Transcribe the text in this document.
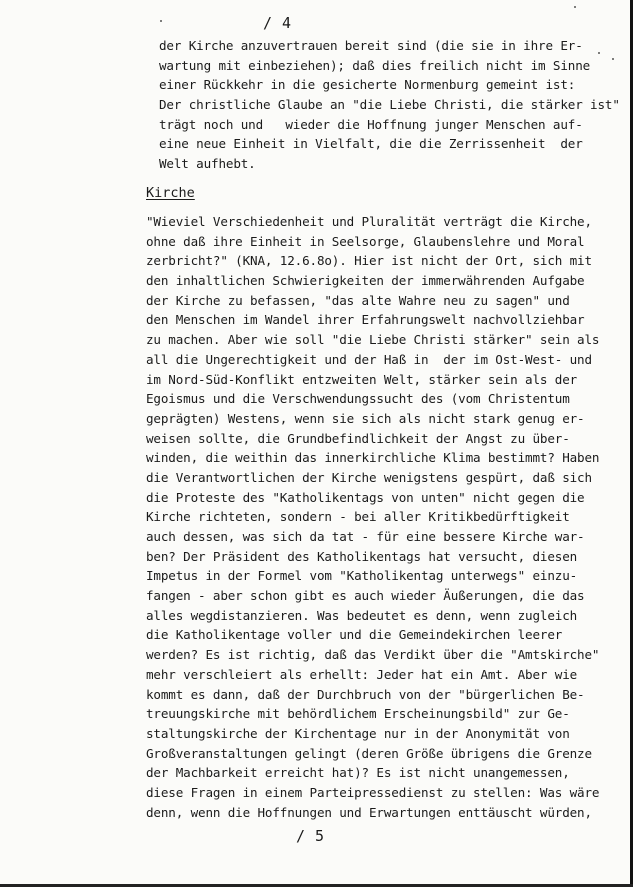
/ 4
der Kirche anzuvertrauen bereit sind (die sie in ihre Er-
wartung mit einbeziehen); daß dies freilich nicht im Sinne
einer Rückkehr in die gesicherte Normenburg gemeint ist:
Der christliche Glaube an "die Liebe Christi, die stärker ist"
trägt noch und   wieder die Hoffnung junger Menschen auf-
eine neue Einheit in Vielfalt, die die Zerrissenheit  der
Welt aufhebt.
Kirche
"Wieviel Verschiedenheit und Pluralität verträgt die Kirche,
ohne daß ihre Einheit in Seelsorge, Glaubenslehre und Moral
zerbricht?" (KNA, 12.6.8o). Hier ist nicht der Ort, sich mit
den inhaltlichen Schwierigkeiten der immerwährenden Aufgabe
der Kirche zu befassen, "das alte Wahre neu zu sagen" und
den Menschen im Wandel ihrer Erfahrungswelt nachvollziehbar
zu machen. Aber wie soll "die Liebe Christi stärker" sein als
all die Ungerechtigkeit und der Haß in  der im Ost-West- und
im Nord-Süd-Konflikt entzweiten Welt, stärker sein als der
Egoismus und die Verschwendungssucht des (vom Christentum
geprägten) Westens, wenn sie sich als nicht stark genug er-
weisen sollte, die Grundbefindlichkeit der Angst zu über-
winden, die weithin das innerkirchliche Klima bestimmt? Haben
die Verantwortlichen der Kirche wenigstens gespürt, daß sich
die Proteste des "Katholikentags von unten" nicht gegen die
Kirche richteten, sondern - bei aller Kritikbedürftigkeit
auch dessen, was sich da tat - für eine bessere Kirche war-
ben? Der Präsident des Katholikentags hat versucht, diesen
Impetus in der Formel vom "Katholikentag unterwegs" einzu-
fangen - aber schon gibt es auch wieder Äußerungen, die das
alles wegdistanzieren. Was bedeutet es denn, wenn zugleich
die Katholikentage voller und die Gemeindekirchen leerer
werden? Es ist richtig, daß das Verdikt über die "Amtskirche"
mehr verschleiert als erhellt: Jeder hat ein Amt. Aber wie
kommt es dann, daß der Durchbruch von der "bürgerlichen Be-
treuungskirche mit behördlichem Erscheinungsbild" zur Ge-
staltungskirche der Kirchentage nur in der Anonymität von
Großveranstaltungen gelingt (deren Größe übrigens die Grenze
der Machbarkeit erreicht hat)? Es ist nicht unangemessen,
diese Fragen in einem Parteipressedienst zu stellen: Was wäre
denn, wenn die Hoffnungen und Erwartungen enttäuscht würden,
/ 5
